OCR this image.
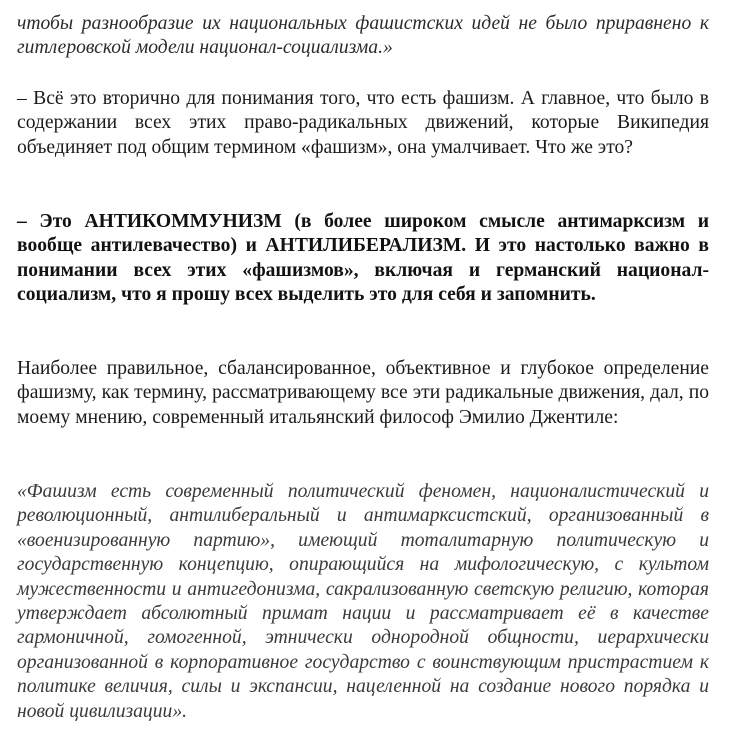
чтобы разнообразие их национальных фашистских идей не было приравнено к гитлеровской модели национал-социализма.»

– Всё это вторично для понимания того, что есть фашизм. А главное, что было в содержании всех этих право-радикальных движений, которые Википедия объединяет под общим термином «фашизм», она умалчивает. Что же это?

– Это АНТИКОММУНИЗМ (в более широком смысле антимарксизм и вообще антилевачество) и АНТИЛИБЕРАЛИЗМ. И это настолько важно в понимании всех этих «фашизмов», включая и германский национал-социализм, что я прошу всех выделить это для себя и запомнить.

Наиболее правильное, сбалансированное, объективное и глубокое определение фашизму, как термину, рассматривающему все эти радикальные движения, дал, по моему мнению, современный итальянский философ Эмилио Джентиле:

«Фашизм есть современный политический феномен, националистический и революционный, антилиберальный и антимарксистский, организованный в «военизированную партию», имеющий тоталитарную политическую и государственную концепцию, опирающийся на мифологическую, с культом мужественности и антигедонизма, сакрализованную светскую религию, которая утверждает абсолютный примат нации и рассматривает её в качестве гармоничной, гомогенной, этнически однородной общности, иерархически организованной в корпоративное государство с воинствующим пристрастием к политике величия, силы и экспансии, нацеленной на создание нового порядка и новой цивилизации».
